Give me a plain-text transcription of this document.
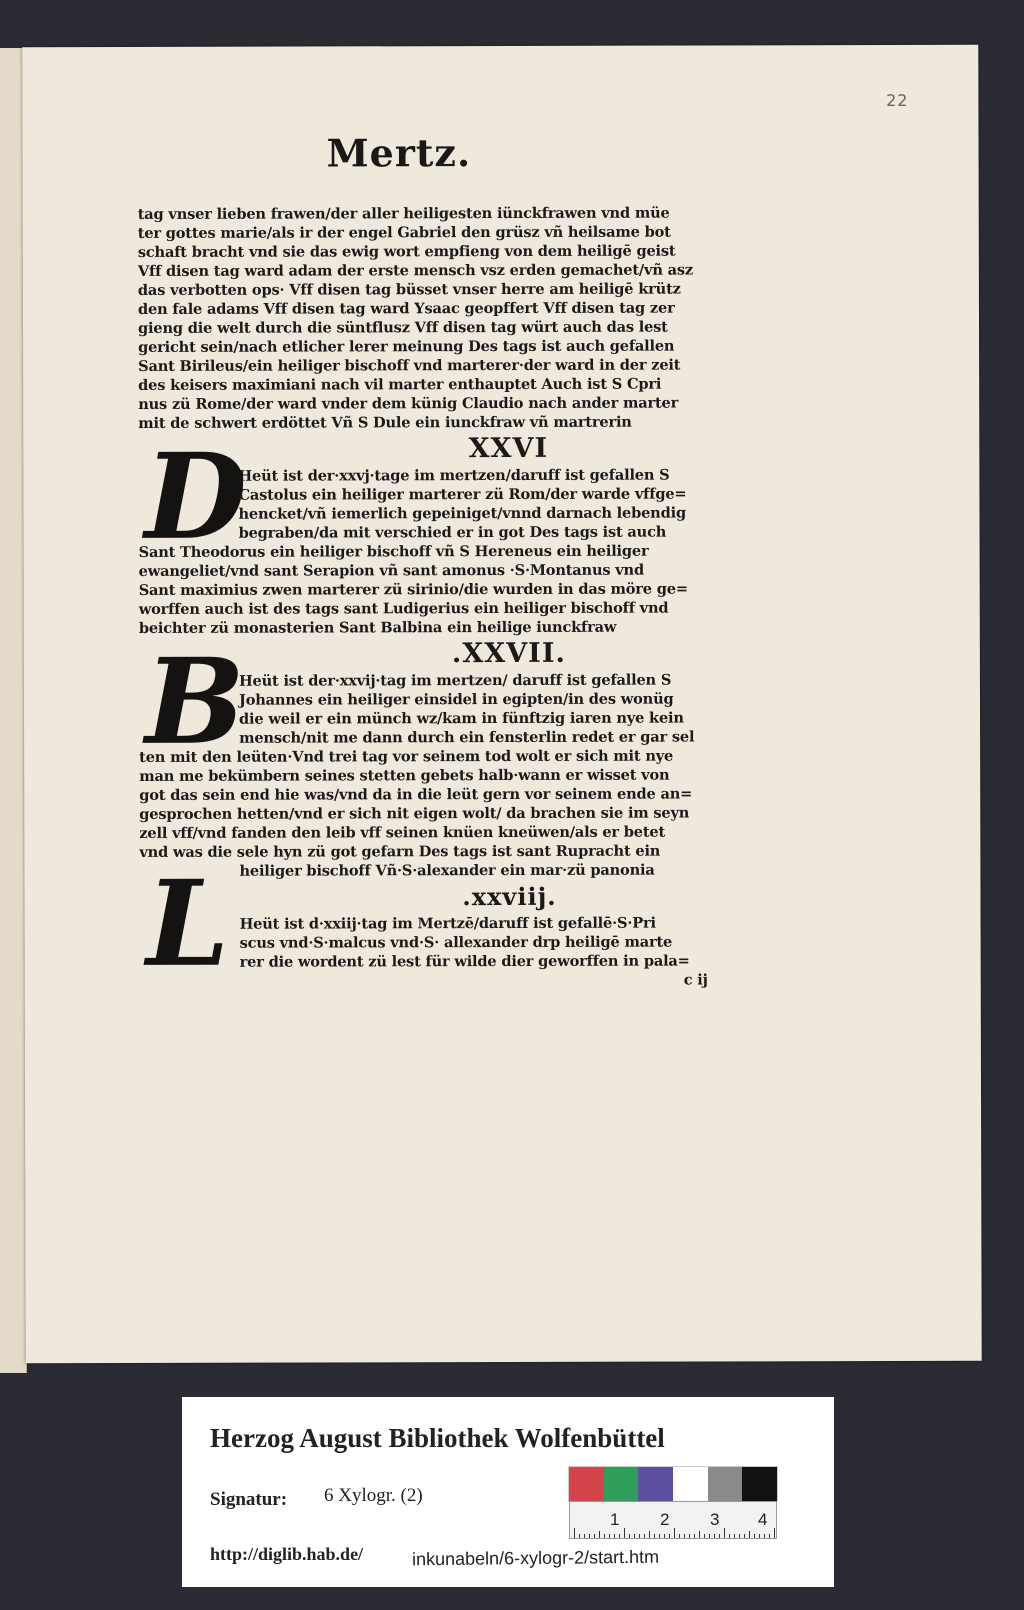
22
Mertz.
tag vnser lieben frawen/der aller heiligesten iünckfrawen vnd müe
ter gottes marie/als ir der engel Gabriel den grüsz vñ heilsame bot
schaft bracht vnd sie das ewig wort empfieng von dem heiligē geist
Vff disen tag ward adam der erste mensch vsz erden gemachet/vñ asz
das verbotten ops· Vff disen tag büsset vnser herre am heiligē krütz
den fale adams Vff disen tag ward Ysaac geopffert Vff disen tag zer
gieng die welt durch die süntflusz Vff disen tag würt auch das lest
gericht sein/nach etlicher lerer meinung Des tags ist auch gefallen
Sant Birileus/ein heiliger bischoff vnd marterer·der ward in der zeit
des keisers maximiani nach vil marter enthauptet Auch ist S Cpri
nus zü Rome/der ward vnder dem künig Claudio nach ander marter
mit de schwert erdöttet Vñ S Dule ein iunckfraw vñ martrerin
D	XXVI
Heüt ist der·xxvj·tage im mertzen/daruff ist gefallen S
Castolus ein heiliger marterer zü Rom/der warde vffge=
hencket/vñ iemerlich gepeiniget/vnnd darnach lebendig
begraben/da mit verschied er in got Des tags ist auch
Sant Theodorus ein heiliger bischoff vñ S Hereneus ein heiliger
ewangeliet/vnd sant Serapion vñ sant amonus ·S·Montanus vnd
Sant maximius zwen marterer zü sirinio/die wurden in das möre ge=
worffen auch ist des tags sant Ludigerius ein heiliger bischoff vnd
beichter zü monasterien Sant Balbina ein heilige iunckfraw
B	.XXVII.
Heüt ist der·xxvij·tag im mertzen/ daruff ist gefallen S
Johannes ein heiliger einsidel in egipten/in des wonüg
die weil er ein münch wz/kam in fünftzig iaren nye kein
mensch/nit me dann durch ein fensterlin redet er gar sel
ten mit den leüten·Vnd trei tag vor seinem tod wolt er sich mit nye
man me bekümbern seines stetten gebets halb·wann er wisset von
got das sein end hie was/vnd da in die leüt gern vor seinem ende an=
gesprochen hetten/vnd er sich nit eigen wolt/ da brachen sie im seyn
zell vff/vnd fanden den leib vff seinen knüen kneüwen/als er betet
vnd was die sele hyn zü got gefarn Des tags ist sant Rupracht ein
L heiliger bischoff Vñ·S·alexander ein mar·zü panonia
.xxviij.
Heüt ist d·xxiij·tag im Mertzē/daruff ist gefallē·S·Pri
scus vnd·S·malcus vnd·S· allexander drp heiligē marte
rer die wordent zü lest für wilde dier geworffen in pala=
c ij
Herzog August Bibliothek Wolfenbüttel
Signatur: 6 Xylogr. (2)
1 2 3 4
http://diglib.hab.de/	inkunabeln/6-xylogr-2/start.htm
